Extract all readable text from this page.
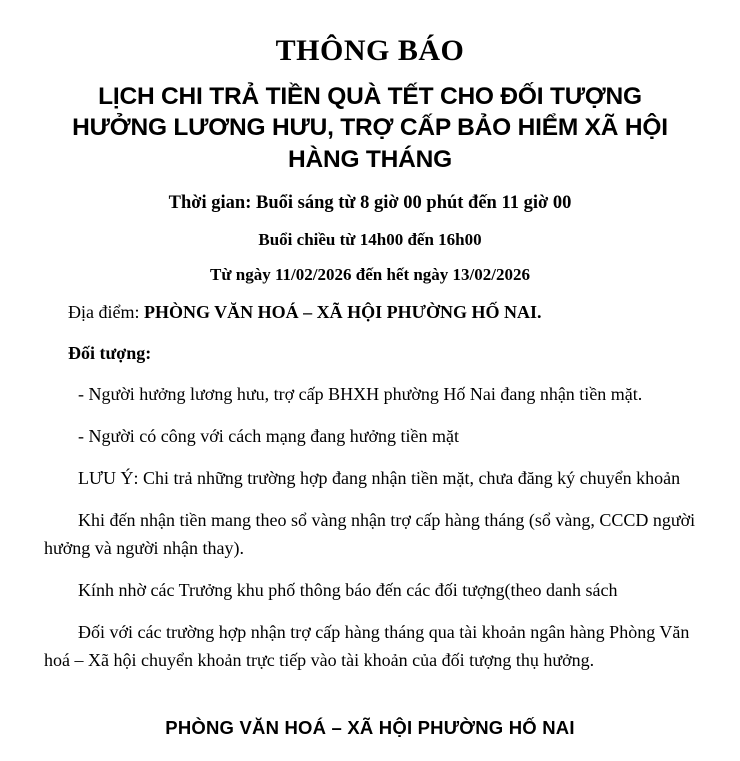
THÔNG BÁO
LỊCH CHI TRẢ TIỀN QUÀ TẾT CHO ĐỐI TƯỢNG HƯỞNG LƯƠNG HƯU, TRỢ CẤP BẢO HIỂM XÃ HỘI HÀNG THÁNG

Thời gian: Buổi sáng từ 8 giờ 00 phút đến 11 giờ 00

Buổi chiều từ 14h00 đến 16h00

Từ ngày 11/02/2026 đến hết ngày 13/02/2026

Địa điểm: PHÒNG VĂN HOÁ – XÃ HỘI PHƯỜNG HỐ NAI.

Đối tượng:

- Người hưởng lương hưu, trợ cấp BHXH phường Hố Nai đang nhận tiền mặt.

- Người có công với cách mạng đang hưởng tiền mặt

LƯU Ý: Chi trả những trường hợp đang nhận tiền mặt, chưa đăng ký chuyển khoản

Khi đến nhận tiền mang theo sổ vàng nhận trợ cấp hàng tháng (sổ vàng, CCCD người hưởng và người nhận thay).

Kính nhờ các Trưởng khu phố thông báo đến các đối tượng(theo danh sách

Đối với các trường hợp nhận trợ cấp hàng tháng qua tài khoản ngân hàng Phòng Văn hoá – Xã hội chuyển khoản trực tiếp vào tài khoản của đối tượng thụ hưởng.

PHÒNG VĂN HOÁ – XÃ HỘI PHƯỜNG HỐ NAI
